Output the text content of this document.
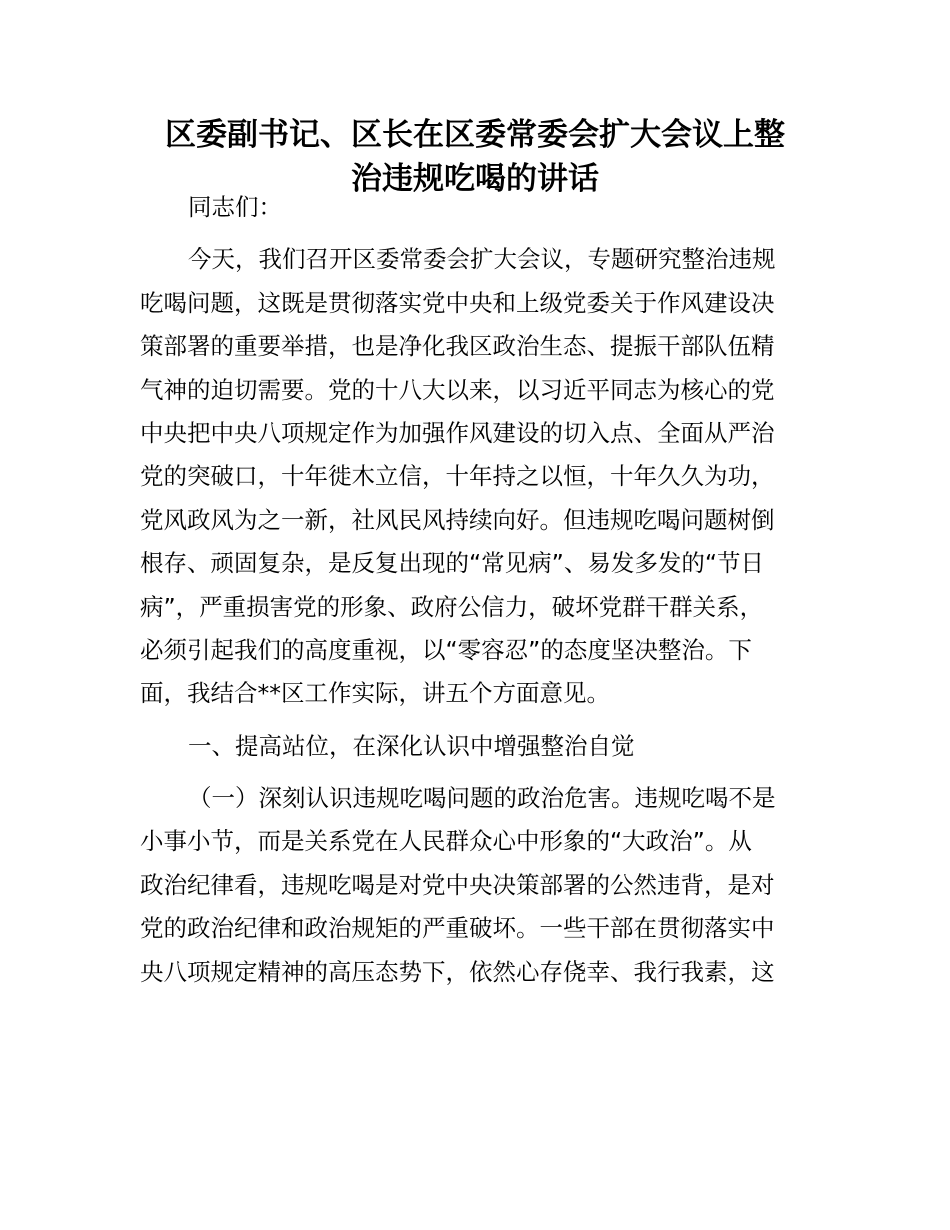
区委副书记、区长在区委常委会扩大会议上整
治违规吃喝的讲话

同志们：

今天，我们召开区委常委会扩大会议，专题研究整治违规
吃喝问题，这既是贯彻落实党中央和上级党委关于作风建设决
策部署的重要举措，也是净化我区政治生态、提振干部队伍精
气神的迫切需要。党的十八大以来，以习近平同志为核心的党
中央把中央八项规定作为加强作风建设的切入点、全面从严治
党的突破口，十年徙木立信，十年持之以恒，十年久久为功，
党风政风为之一新，社风民风持续向好。但违规吃喝问题树倒
根存、顽固复杂，是反复出现的“常见病”、易发多发的“节日
病”，严重损害党的形象、政府公信力，破坏党群干群关系，
必须引起我们的高度重视，以“零容忍”的态度坚决整治。下
面，我结合**区工作实际，讲五个方面意见。

一、提高站位，在深化认识中增强整治自觉

（一）深刻认识违规吃喝问题的政治危害。违规吃喝不是
小事小节，而是关系党在人民群众心中形象的“大政治”。从
政治纪律看，违规吃喝是对党中央决策部署的公然违背，是对
党的政治纪律和政治规矩的严重破坏。一些干部在贯彻落实中
央八项规定精神的高压态势下，依然心存侥幸、我行我素，这
